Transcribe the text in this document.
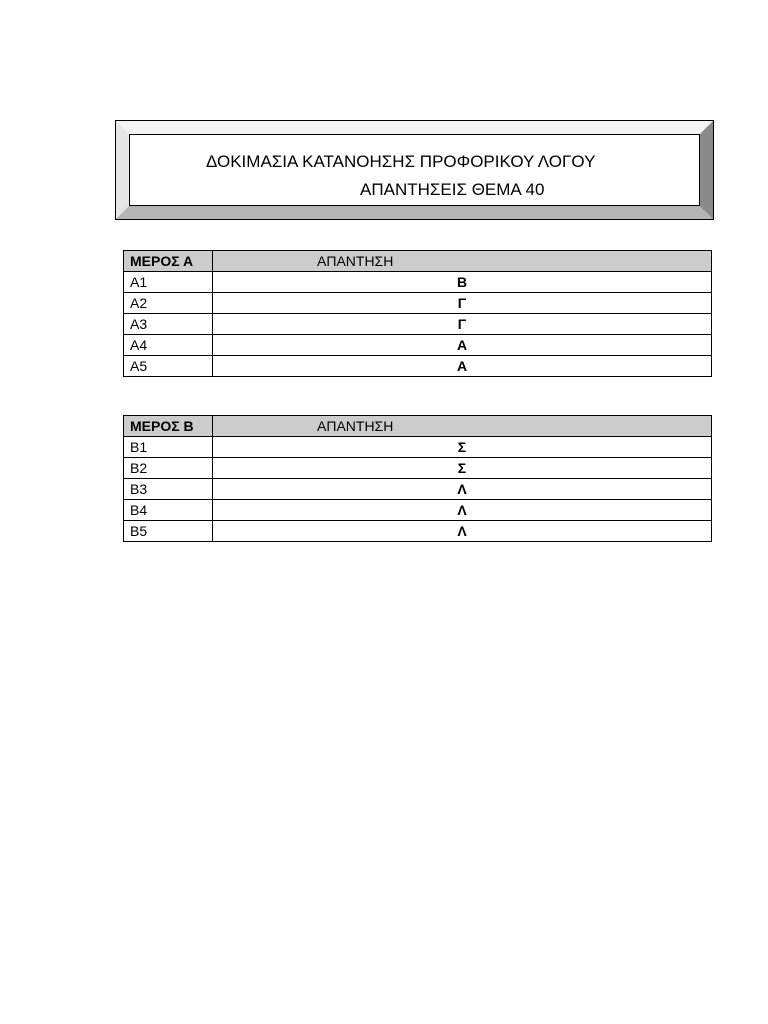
ΔΟΚΙΜΑΣΙΑ ΚΑΤΑΝΟΗΣΗΣ ΠΡΟΦΟΡΙΚΟΥ ΛΟΓΟΥ
ΑΠΑΝΤΗΣΕΙΣ ΘΕΜΑ 40
ΜΕΡΟΣ Α	ΑΠΑΝΤΗΣΗ
Α1	Β
Α2	Γ
Α3	Γ
Α4	Α
Α5	Α
ΜΕΡΟΣ Β	ΑΠΑΝΤΗΣΗ
Β1	Σ
Β2	Σ
Β3	Λ
Β4	Λ
Β5	Λ
